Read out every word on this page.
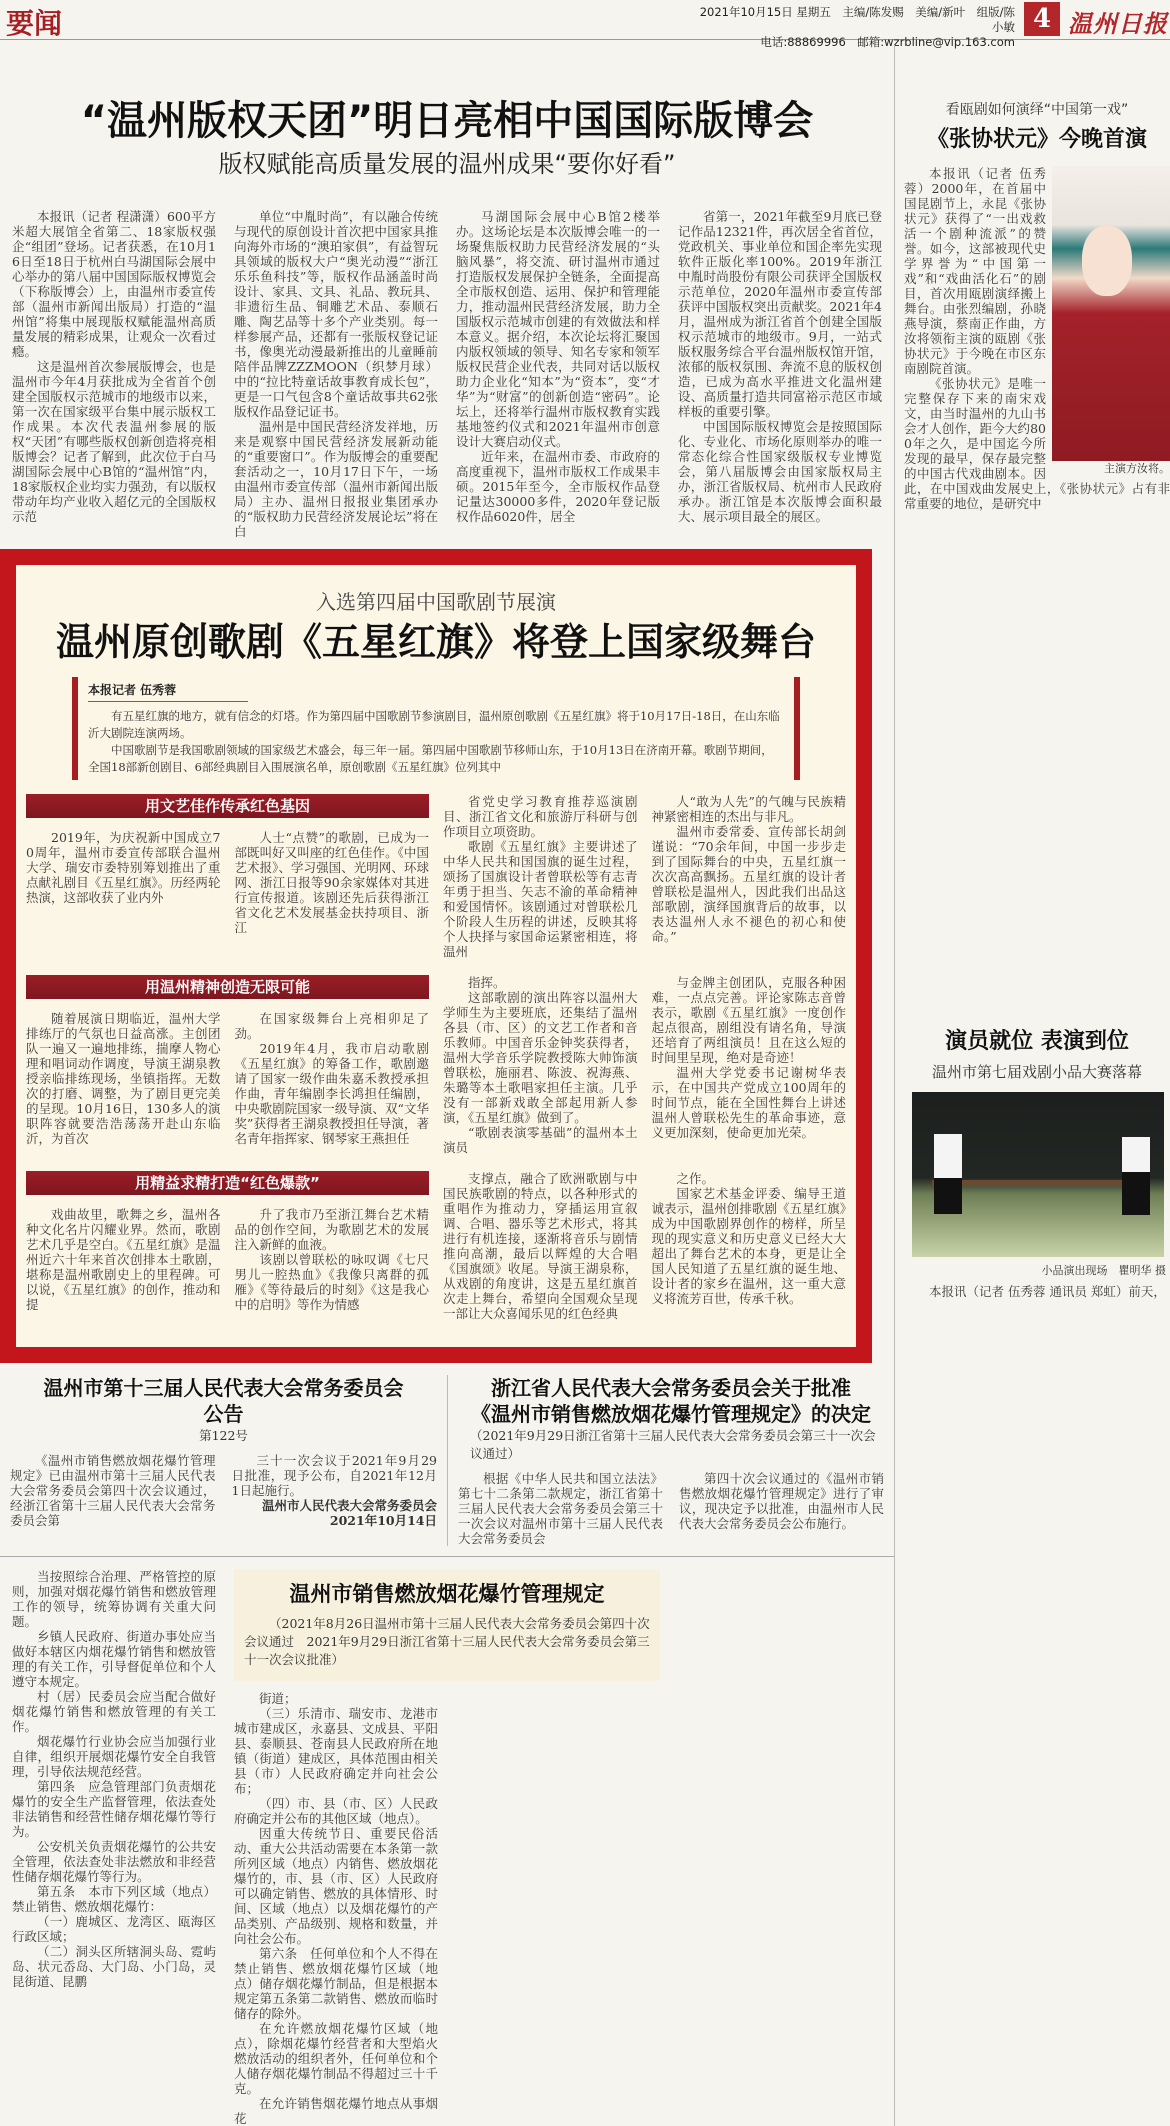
要闻	2021年10月15日 星期五　主编/陈发赐　美编/新叶　组版/陈小敏
电话:88869996　邮箱:wzrbline@vip.163.com
4 温州日报
“温州版权天团”明日亮相中国国际版博会
版权赋能高质量发展的温州成果“要你好看”

本报讯（记者 程潇潇）600平方米超大展馆全省第二、18家版权强企“组团”登场。记者获悉，在10月16日至18日于杭州白马湖国际会展中心举办的第八届中国国际版权博览会（下称版博会）上，由温州市委宣传部（温州市新闻出版局）打造的“温州馆”将集中展现版权赋能温州高质量发展的精彩成果，让观众一次看过瘾。

这是温州首次参展版博会，也是温州市今年4月获批成为全省首个创建全国版权示范城市的地级市以来，第一次在国家级平台集中展示版权工作成果。本次代表温州参展的版权“天团”有哪些版权创新创造将亮相版博会？记者了解到，此次位于白马湖国际会展中心B馆的“温州馆”内，18家版权企业均实力强劲，有以版权带动年均产业收入超亿元的全国版权示范

单位“中胤时尚”，有以融合传统与现代的原创设计首次把中国家具推向海外市场的“澳珀家俱”，有益智玩具领域的版权大户“奥光动漫”“浙江乐乐鱼科技”等，版权作品涵盖时尚设计、家具、文具、礼品、教玩具、非遗衍生品、铜雕艺术品、泰顺石雕、陶艺品等十多个产业类别。每一样参展产品，还都有一张版权登记证书，像奥光动漫最新推出的儿童睡前陪伴品牌ZZZMOON（织梦月球）中的“拉比特童话故事教育成长包”，更是一口气包含8个童话故事共62张版权作品登记证书。

温州是中国民营经济发祥地，历来是观察中国民营经济发展新动能的“重要窗口”。作为版博会的重要配套活动之一，10月17日下午，一场由温州市委宣传部（温州市新闻出版局）主办、温州日报报业集团承办的“版权助力民营经济发展论坛”将在白

马湖国际会展中心B馆2楼举办。这场论坛是本次版博会唯一的一场聚焦版权助力民营经济发展的“头脑风暴”，将交流、研讨温州市通过打造版权发展保护全链条，全面提高全市版权创造、运用、保护和管理能力，推动温州民营经济发展，助力全国版权示范城市创建的有效做法和样本意义。据介绍，本次论坛将汇聚国内版权领域的领导、知名专家和领军版权民营企业代表，共同对话以版权助力企业化“知本”为“资本”，变“才华”为“财富”的创新创造“密码”。论坛上，还将举行温州市版权教育实践基地签约仪式和2021年温州市创意设计大赛启动仪式。

近年来，在温州市委、市政府的高度重视下，温州市版权工作成果丰硕。2015年至今，全市版权作品登记量达30000多件，2020年登记版权作品6020件，居全

省第一，2021年截至9月底已登记作品12321件，再次居全省首位，党政机关、事业单位和国企率先实现软件正版化率100%。2019年浙江中胤时尚股份有限公司获评全国版权示范单位，2020年温州市委宣传部获评中国版权突出贡献奖。2021年4月，温州成为浙江省首个创建全国版权示范城市的地级市。9月，一站式版权服务综合平台温州版权馆开馆，浓郁的版权氛围、奔流不息的版权创造，已成为高水平推进文化温州建设、高质量打造共同富裕示范区市域样板的重要引擎。

中国国际版权博览会是按照国际化、专业化、市场化原则举办的唯一常态化综合性国家级版权专业博览会，第八届版博会由国家版权局主办，浙江省版权局、杭州市人民政府承办。浙江馆是本次版博会面积最大、展示项目最全的展区。

入选第四届中国歌剧节展演
温州原创歌剧《五星红旗》将登上国家级舞台
本报记者 伍秀蓉

有五星红旗的地方，就有信念的灯塔。作为第四届中国歌剧节参演剧目，温州原创歌剧《五星红旗》将于10月17日-18日，在山东临沂大剧院连演两场。

中国歌剧节是我国歌剧领域的国家级艺术盛会，每三年一届。第四届中国歌剧节移师山东，于10月13日在济南开幕。歌剧节期间，全国18部新创剧目、6部经典剧目入围展演名单，原创歌剧《五星红旗》位列其中

用文艺佳作传承红色基因

2019年，为庆祝新中国成立70周年，温州市委宣传部联合温州大学、瑞安市委特别筹划推出了重点献礼剧目《五星红旗》。历经两轮热演，这部收获了业内外

人士“点赞”的歌剧，已成为一部既叫好又叫座的红色佳作。《中国艺术报》、学习强国、光明网、环球网、浙江日报等90余家媒体对其进行宣传报道。该剧还先后获得浙江省文化艺术发展基金扶持项目、浙江

省党史学习教育推荐巡演剧目、浙江省文化和旅游厅科研与创作项目立项资助。

歌剧《五星红旗》主要讲述了中华人民共和国国旗的诞生过程，颂扬了国旗设计者曾联松等有志青年勇于担当、矢志不渝的革命精神和爱国情怀。该剧通过对曾联松几个阶段人生历程的讲述，反映其将个人抉择与家国命运紧密相连，将温州

人“敢为人先”的气魄与民族精神紧密相连的杰出与非凡。

温州市委常委、宣传部长胡剑谨说：“70余年间，中国一步步走到了国际舞台的中央，五星红旗一次次高高飘扬。五星红旗的设计者曾联松是温州人，因此我们出品这部歌剧，演绎国旗背后的故事，以表达温州人永不褪色的初心和使命。”

用温州精神创造无限可能

随着展演日期临近，温州大学排练厅的气氛也日益高涨。主创团队一遍又一遍地排练，揣摩人物心理和唱词动作调度，导演王湖泉教授亲临排练现场，坐镇指挥。无数次的打磨、调整，为了剧目更完美的呈现。10月16日，130多人的演职阵容就要浩浩荡荡开赴山东临沂，为首次

在国家级舞台上亮相卯足了劲。

2019年4月，我市启动歌剧《五星红旗》的筹备工作，歌剧邀请了国家一级作曲朱嘉禾教授承担作曲，青年编剧李长鸿担任编剧，中央歌剧院国家一级导演、双“文华奖”获得者王湖泉教授担任导演，著名青年指挥家、钢琴家王燕担任

指挥。

这部歌剧的演出阵容以温州大学师生为主要班底，还集结了温州各县（市、区）的文艺工作者和音乐教师。中国音乐金钟奖获得者，温州大学音乐学院教授陈大帅饰演曾联松，施丽君、陈波、祝海燕、朱璐等本土歌唱家担任主演。几乎没有一部新戏敢全部起用新人参演，《五星红旗》做到了。

“歌剧表演零基础”的温州本土演员

与金牌主创团队，克服各种困难，一点点完善。评论家陈志音曾表示，歌剧《五星红旗》一度创作起点很高，剧组没有请名角，导演还培育了两组演员！且在这么短的时间里呈现，绝对是奇迹！

温州大学党委书记谢树华表示，在中国共产党成立100周年的时间节点，能在全国性舞台上讲述温州人曾联松先生的革命事迹，意义更加深刻，使命更加光荣。

用精益求精打造“红色爆款”

戏曲故里，歌舞之乡，温州各种文化名片闪耀业界。然而，歌剧艺术几乎是空白。《五星红旗》是温州近六十年来首次创排本土歌剧，堪称是温州歌剧史上的里程碑。可以说，《五星红旗》的创作，推动和提

升了我市乃至浙江舞台艺术精品的创作空间，为歌剧艺术的发展注入新鲜的血液。

该剧以曾联松的咏叹调《七尺男儿一腔热血》《我像只离群的孤雁》《等待最后的时刻》《这是我心中的启明》等作为情感

支撑点，融合了欧洲歌剧与中国民族歌剧的特点，以各种形式的重唱作为推动力，穿插运用宣叙调、合唱、器乐等艺术形式，将其进行有机连接，逐渐将音乐与剧情推向高潮，最后以辉煌的大合唱《国旗颂》收尾。导演王湖泉称，从戏剧的角度讲，这是五星红旗首次走上舞台，希望向全国观众呈现一部让大众喜闻乐见的红色经典

之作。

国家艺术基金评委、编导王道诚表示，温州创排歌剧《五星红旗》成为中国歌剧界创作的榜样，所呈现的现实意义和历史意义已经大大超出了舞台艺术的本身，更是让全国人民知道了五星红旗的诞生地、设计者的家乡在温州，这一重大意义将流芳百世，传承千秋。

温州市第十三届人民代表大会常务委员会
公告
第122号

《温州市销售燃放烟花爆竹管理规定》已由温州市第十三届人民代表大会常务委员会第四十次会议通过，经浙江省第十三届人民代表大会常务委员会第

三十一次会议于2021年9月29日批准，现予公布，自2021年12月1日起施行。

温州市人民代表大会常务委员会
2021年10月14日
浙江省人民代表大会常务委员会关于批准
《温州市销售燃放烟花爆竹管理规定》的决定
（2021年9月29日浙江省第十三届人民代表大会常务委员会第三十一次会议通过）

根据《中华人民共和国立法法》第七十二条第二款规定，浙江省第十三届人民代表大会常务委员会第三十一次会议对温州市第十三届人民代表大会常务委员会

第四十次会议通过的《温州市销售燃放烟花爆竹管理规定》进行了审议，现决定予以批准，由温州市人民代表大会常务委员会公布施行。

温州市销售燃放烟花爆竹管理规定
（2021年8月26日温州市第十三届人民代表大会常务委员会第四十次会议通过　2021年9月29日浙江省第十三届人民代表大会常务委员会第三十一次会议批准）

当按照综合治理、严格管控的原则，加强对烟花爆竹销售和燃放管理工作的领导，统筹协调有关重大问题。

乡镇人民政府、街道办事处应当做好本辖区内烟花爆竹销售和燃放管理的有关工作，引导督促单位和个人遵守本规定。

村（居）民委员会应当配合做好烟花爆竹销售和燃放管理的有关工作。

烟花爆竹行业协会应当加强行业自律，组织开展烟花爆竹安全自我管理，引导依法规范经营。

第四条　应急管理部门负责烟花爆竹的安全生产监督管理，依法查处非法销售和经营性储存烟花爆竹等行为。

公安机关负责烟花爆竹的公共安全管理，依法查处非法燃放和非经营性储存烟花爆竹等行为。

第五条　本市下列区域（地点）禁止销售、燃放烟花爆竹：

（一）鹿城区、龙湾区、瓯海区行政区域；

（二）洞头区所辖洞头岛、霓屿岛、状元岙岛、大门岛、小门岛，灵昆街道、昆鹏

街道；

（三）乐清市、瑞安市、龙港市城市建成区，永嘉县、文成县、平阳县、泰顺县、苍南县人民政府所在地镇（街道）建成区，具体范围由相关县（市）人民政府确定并向社会公布；

（四）市、县（市、区）人民政府确定并公布的其他区域（地点）。

因重大传统节日、重要民俗活动、重大公共活动需要在本条第一款所列区域（地点）内销售、燃放烟花爆竹的，市、县（市、区）人民政府可以确定销售、燃放的具体情形、时间、区域（地点）以及烟花爆竹的产品类别、产品级别、规格和数量，并向社会公布。

第六条　任何单位和个人不得在禁止销售、燃放烟花爆竹区域（地点）储存烟花爆竹制品，但是根据本规定第五条第二款销售、燃放而临时储存的除外。

在允许燃放烟花爆竹区域（地点），除烟花爆竹经营者和大型焰火燃放活动的组织者外，任何单位和个人储存烟花爆竹制品不得超过三十千克。

在允许销售烟花爆竹地点从事烟花

看瓯剧如何演绎“中国第一戏”
《张协状元》今晚首演
主演方汝将。

本报讯（记者 伍秀蓉）2000年，在首届中国昆剧节上，永昆《张协状元》获得了“一出戏救活一个剧种流派”的赞誉。如今，这部被现代史学界誉为“中国第一戏”和“戏曲活化石”的剧目，首次用瓯剧演绎搬上舞台。由张烈编剧，孙晓燕导演，蔡南正作曲，方汝将领衔主演的瓯剧《张协状元》于今晚在市区东南剧院首演。

《张协状元》是唯一完整保存下来的南宋戏文，由当时温州的九山书会才人创作，距今大约800年之久，是中国迄今所发现的最早，保存最完整的中国古代戏曲剧本。因此，在中国戏曲发展史上，《张协状元》占有非常重要的地位，是研究中

演员就位 表演到位
温州市第七届戏剧小品大赛落幕
小品演出现场　瞿明华 摄

本报讯（记者 伍秀蓉 通讯员 郑虹）前天，
